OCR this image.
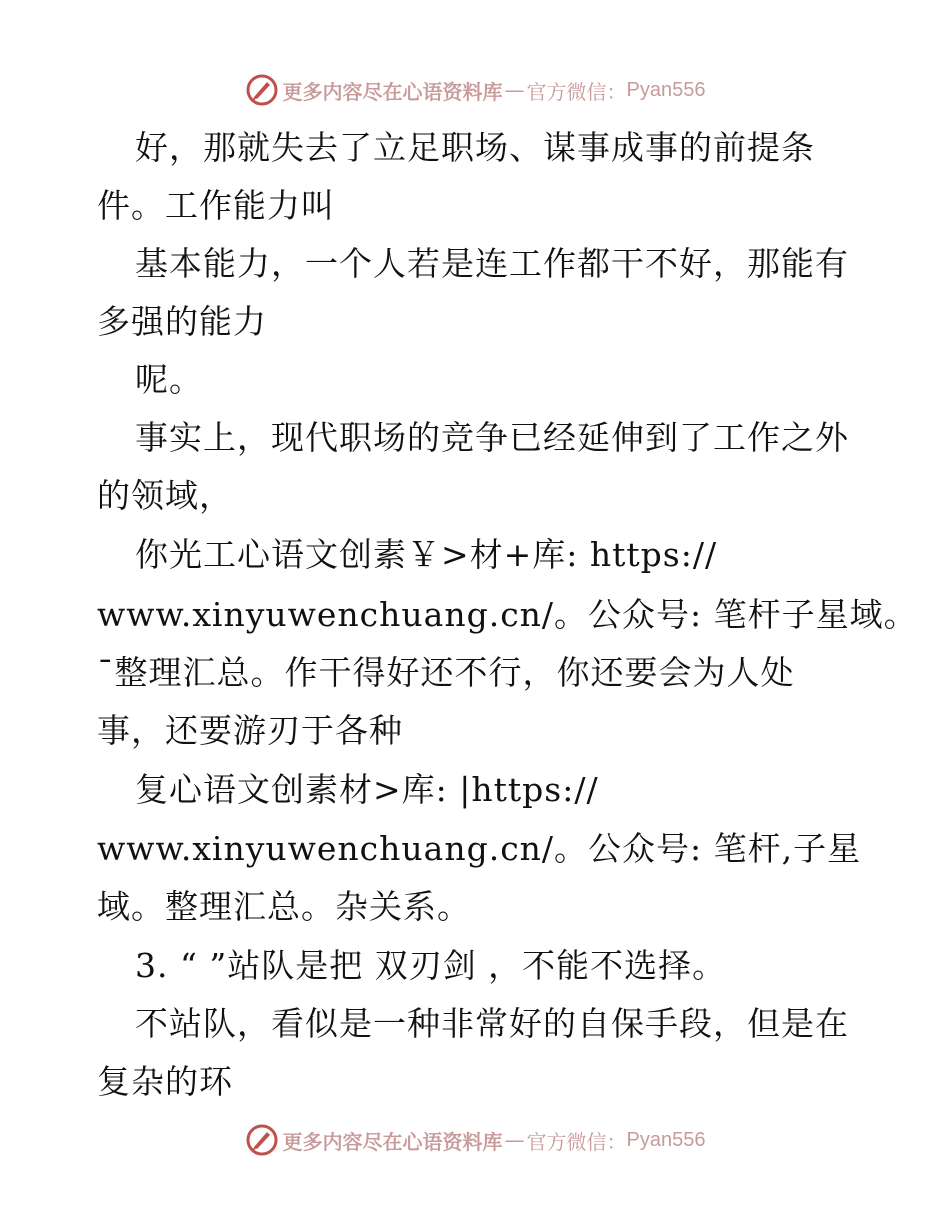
更多内容尽在心语资料库 — 官方微信： Pyan556
好，那就失去了立足职场、谋事成事的前提条
件。工作能力叫
基本能力，一个人若是连工作都干不好，那能有
多强的能力
呢。
事实上，现代职场的竞争已经延伸到了工作之外
的领域，
你光工心语文创素￥>材+库: https://
www.xinyuwenchuang.cn/。公众号: 笔杆子星域。
¯整理汇总。作干得好还不行，你还要会为人处
事，还要游刃于各种
复心语文创素材>库: |https://
www.xinyuwenchuang.cn/。公众号: 笔杆,子星
域。整理汇总。杂关系。
3. “ ”站队是把 双刃剑 ，不能不选择。
不站队，看似是一种非常好的自保手段，但是在
复杂的环
更多内容尽在心语资料库 — 官方微信： Pyan556
